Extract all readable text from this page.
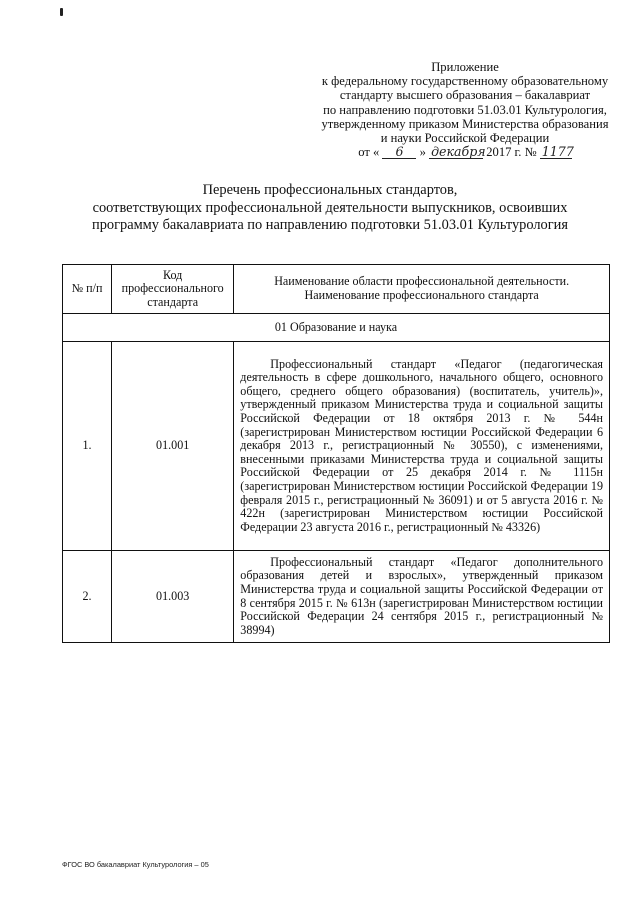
Приложение
к федеральному государственному образовательному
стандарту высшего образования – бакалавриат
по направлению подготовки 51.03.01 Культурология,
утвержденному приказом Министерства образования
и науки Российской Федерации
от « 6 » декабря 2017 г. № 1177
Перечень профессиональных стандартов,
соответствующих профессиональной деятельности выпускников, освоивших
программу бакалавриата по направлению подготовки 51.03.01 Культурология
№ п/п	Код профессионального стандарта	Наименование области профессиональной деятельности.
Наименование профессионального стандарта
01 Образование и наука		
1.	01.001	Профессиональный стандарт «Педагог (педагогическая деятельность в сфере дошкольного, начального общего, основного общего, среднего общего образования) (воспитатель, учитель)», утвержденный приказом Министерства труда и социальной защиты Российской Федерации от 18 октября 2013 г. № 544н (зарегистрирован Министерством юстиции Российской Федерации 6 декабря 2013 г., регистрационный № 30550), с изменениями, внесенными приказами Министерства труда и социальной защиты Российской Федерации от 25 декабря 2014 г. № 1115н (зарегистрирован Министерством юстиции Российской Федерации 19 февраля 2015 г., регистрационный № 36091) и от 5 августа 2016 г. № 422н (зарегистрирован Министерством юстиции Российской Федерации 23 августа 2016 г., регистрационный № 43326)

2.	01.003	Профессиональный стандарт «Педагог дополнительного образования детей и взрослых», утвержденный приказом Министерства труда и социальной защиты Российской Федерации от 8 сентября 2015 г. № 613н (зарегистрирован Министерством юстиции Российской Федерации 24 сентября 2015 г., регистрационный № 38994)

ФГОС ВО бакалавриат Культурология – 05
